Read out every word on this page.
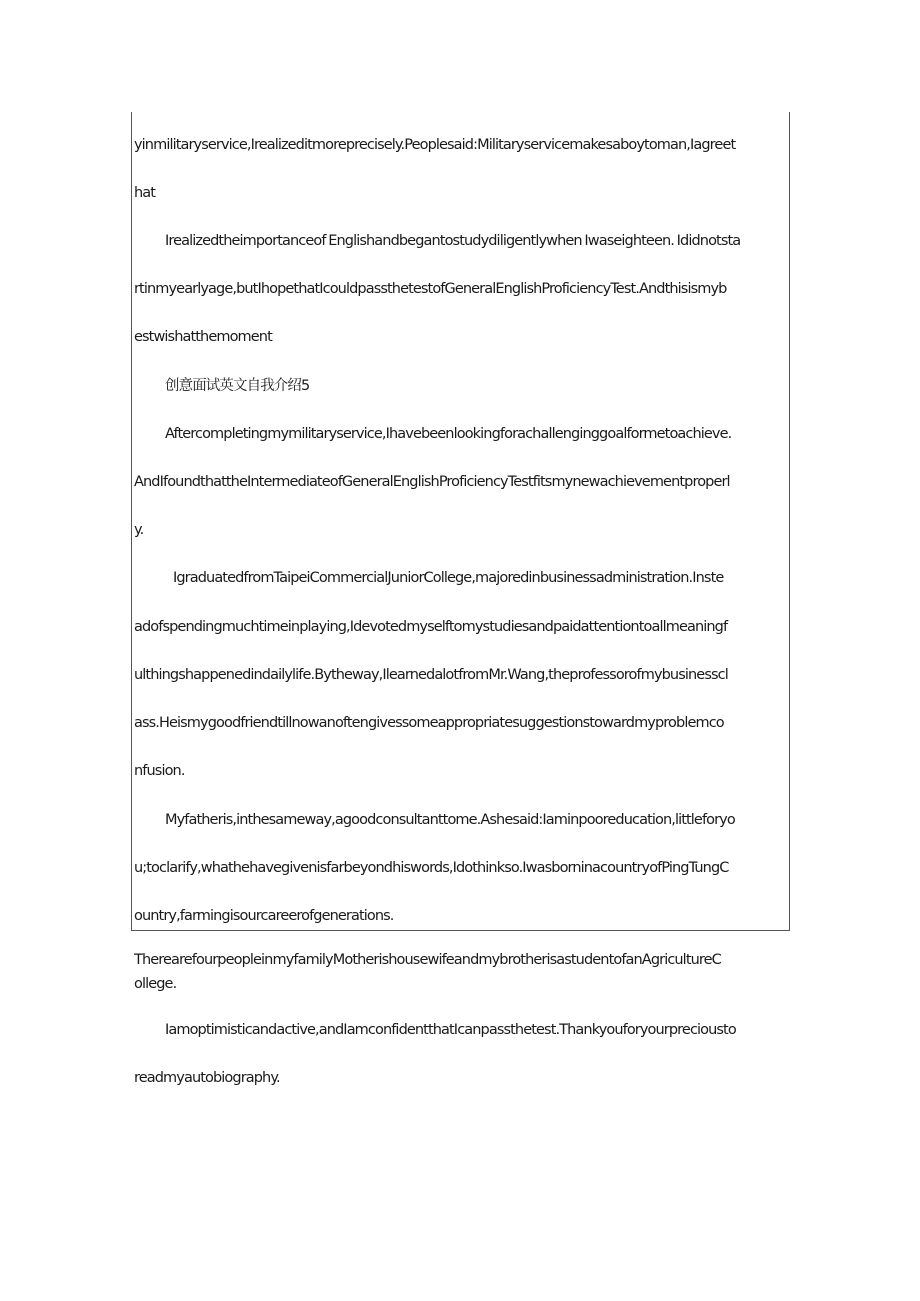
yinmilitaryservice,Irealizeditmoreprecisely.Peoplesaid:Militaryservicemakesaboytoman,Iagreet
hat
Irealizedtheimportanceof Englishandbegantostudydiligentlywhen Iwaseighteen. Ididnotsta
rtinmyearlyage,butIhopethatIcouldpassthetestofGeneralEnglishProficiencyTest.Andthisismyb
estwishatthemoment
创意面试英文自我介绍5
Aftercompletingmymilitaryservice,Ihavebeenlookingforachallenginggoalformetoachieve.
AndIfoundthattheIntermediateofGeneralEnglishProficiencyTestfitsmynewachievementproperl
y.
IgraduatedfromTaipeiCommercialJuniorCollege,majoredinbusinessadministration.Inste
adofspendingmuchtimeinplaying,Idevotedmyselftomystudiesandpaidattentiontoallmeaningf
ulthingshappenedindailylife.Bytheway,IlearnedalotfromMr.Wang,theprofessorofmybusinesscl
ass.Heismygoodfriendtillnowanoftengivessomeappropriatesuggestionstowardmyproblemco
nfusion.
Myfatheris,inthesameway,agoodconsultanttome.Ashesaid:Iaminpooreducation,littleforyo
u;toclarify,whathehavegivenisfarbeyondhiswords,Idothinkso.IwasborninacountryofPingTungC
ountry,farmingisourcareerofgenerations.
TherearefourpeopleinmyfamilyMotherishousewifeandmybrotherisastudentofanAgricultureC
ollege.
Iamoptimisticandactive,andIamconfidentthatIcanpassthetest.Thankyouforyourpreciousto
readmyautobiography.
